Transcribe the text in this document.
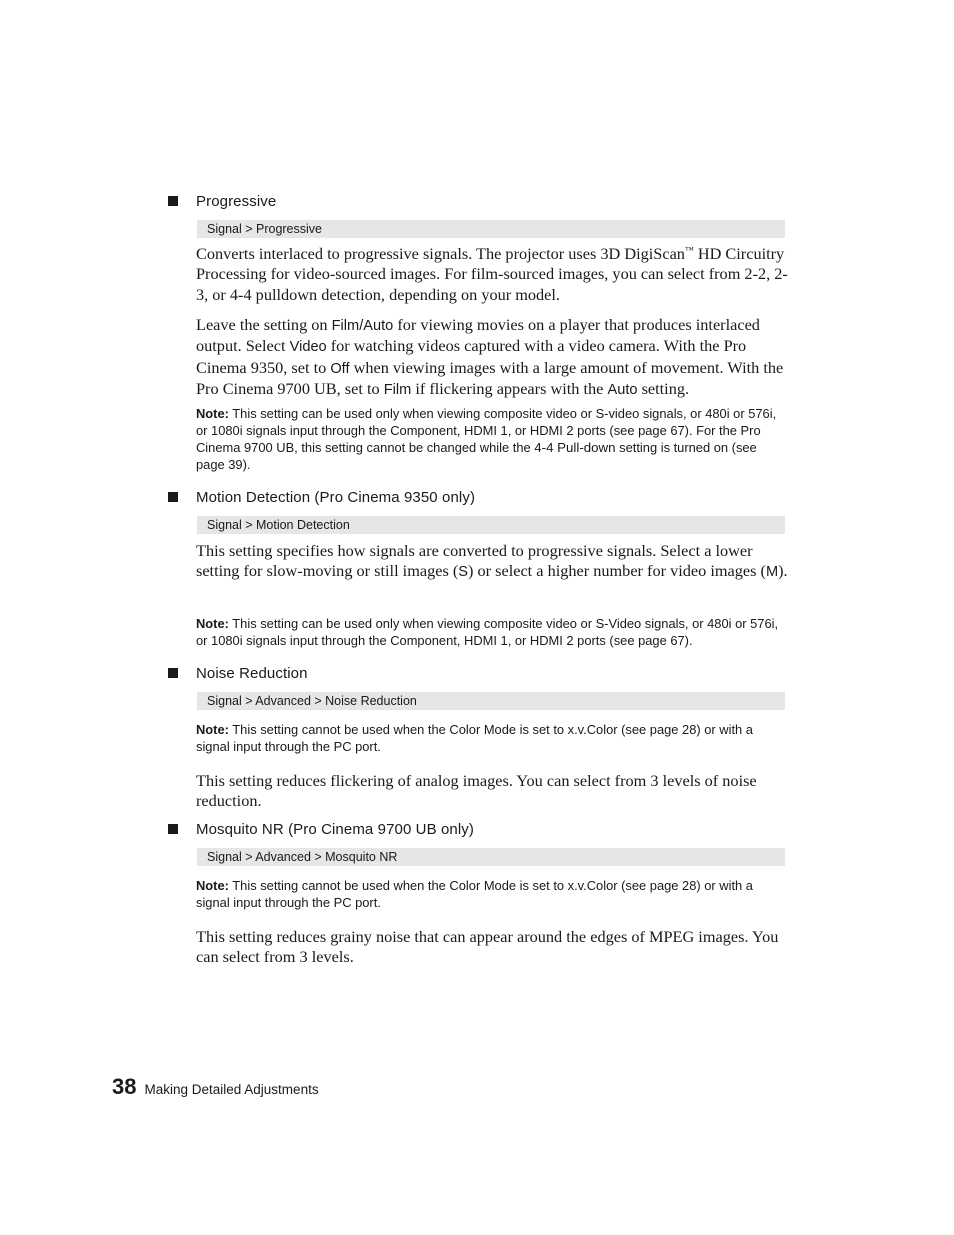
Progressive
Signal > Progressive
Converts interlaced to progressive signals. The projector uses 3D DigiScan™ HD Circuitry Processing for video-sourced images. For film-sourced images, you can select from 2-2, 2-3, or 4-4 pulldown detection, depending on your model.
Leave the setting on Film/Auto for viewing movies on a player that produces interlaced output. Select Video for watching videos captured with a video camera. With the Pro Cinema 9350, set to Off when viewing images with a large amount of movement. With the Pro Cinema 9700 UB, set to Film if flickering appears with the Auto setting.
Note: This setting can be used only when viewing composite video or S-video signals, or 480i or 576i, or 1080i signals input through the Component, HDMI 1, or HDMI 2 ports (see page 67). For the Pro Cinema 9700 UB, this setting cannot be changed while the 4-4 Pull-down setting is turned on (see page 39).
Motion Detection (Pro Cinema 9350 only)
Signal > Motion Detection
This setting specifies how signals are converted to progressive signals. Select a lower setting for slow-moving or still images (S) or select a higher number for video images (M).
Note: This setting can be used only when viewing composite video or S-Video signals, or 480i or 576i, or 1080i signals input through the Component, HDMI 1, or HDMI 2 ports (see page 67).
Noise Reduction
Signal > Advanced > Noise Reduction
Note: This setting cannot be used when the Color Mode is set to x.v.Color (see page 28) or with a signal input through the PC port.
This setting reduces flickering of analog images. You can select from 3 levels of noise reduction.
Mosquito NR (Pro Cinema 9700 UB only)
Signal > Advanced > Mosquito NR
Note: This setting cannot be used when the Color Mode is set to x.v.Color (see page 28) or with a signal input through the PC port.
This setting reduces grainy noise that can appear around the edges of MPEG images. You can select from 3 levels.
38 Making Detailed Adjustments
